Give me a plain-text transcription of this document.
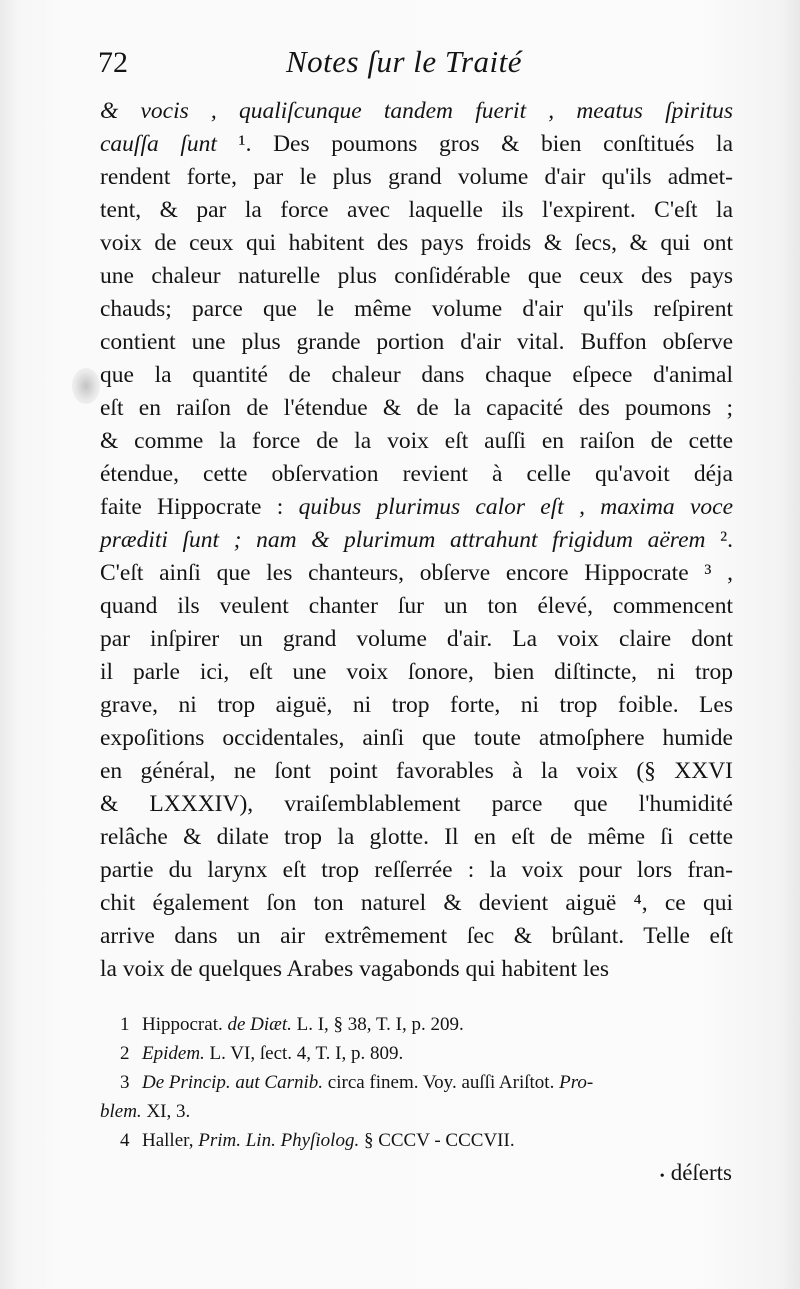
72	Notes ſur le Traité
& vocis , qualiſcunque tandem fuerit , meatus ſpiritus
cauſſa ſunt ¹. Des poumons gros & bien conſtitués la
rendent forte, par le plus grand volume d'air qu'ils admet-
tent, & par la force avec laquelle ils l'expirent. C'eſt la
voix de ceux qui habitent des pays froids & ſecs, & qui ont
une chaleur naturelle plus conſidérable que ceux des pays
chauds; parce que le même volume d'air qu'ils reſpirent
contient une plus grande portion d'air vital. Buffon obſerve
que la quantité de chaleur dans chaque eſpece d'animal
eſt en raiſon de l'étendue & de la capacité des poumons ;
& comme la force de la voix eſt auſſi en raiſon de cette
étendue, cette obſervation revient à celle qu'avoit déja
faite Hippocrate : quibus plurimus calor eſt , maxima voce
præditi ſunt ; nam & plurimum attrahunt frigidum aërem ².
C'eſt ainſi que les chanteurs, obſerve encore Hippocrate ³ ,
quand ils veulent chanter ſur un ton élevé, commencent
par inſpirer un grand volume d'air. La voix claire dont
il parle ici, eſt une voix ſonore, bien diſtincte, ni trop
grave, ni trop aiguë, ni trop forte, ni trop foible. Les
expoſitions occidentales, ainſi que toute atmoſphere humide
en général, ne ſont point favorables à la voix (§ XXVI
& LXXXIV), vraiſemblablement parce que l'humidité
relâche & dilate trop la glotte. Il en eſt de même ſi cette
partie du larynx eſt trop reſſerrée : la voix pour lors fran-
chit également ſon ton naturel & devient aiguë ⁴, ce qui
arrive dans un air extrêmement ſec & brûlant. Telle eſt
la voix de quelques Arabes vagabonds qui habitent les
1 Hippocrat. de Diæt. L. I, § 38, T. I, p. 209.
2 Epidem. L. VI, ſect. 4, T. I, p. 809.
3 De Princip. aut Carnib. circa finem. Voy. auſſi Ariſtot. Pro-
blem. XI, 3.
4 Haller, Prim. Lin. Phyſiolog. § CCCV - CCCVII.
• déſerts
